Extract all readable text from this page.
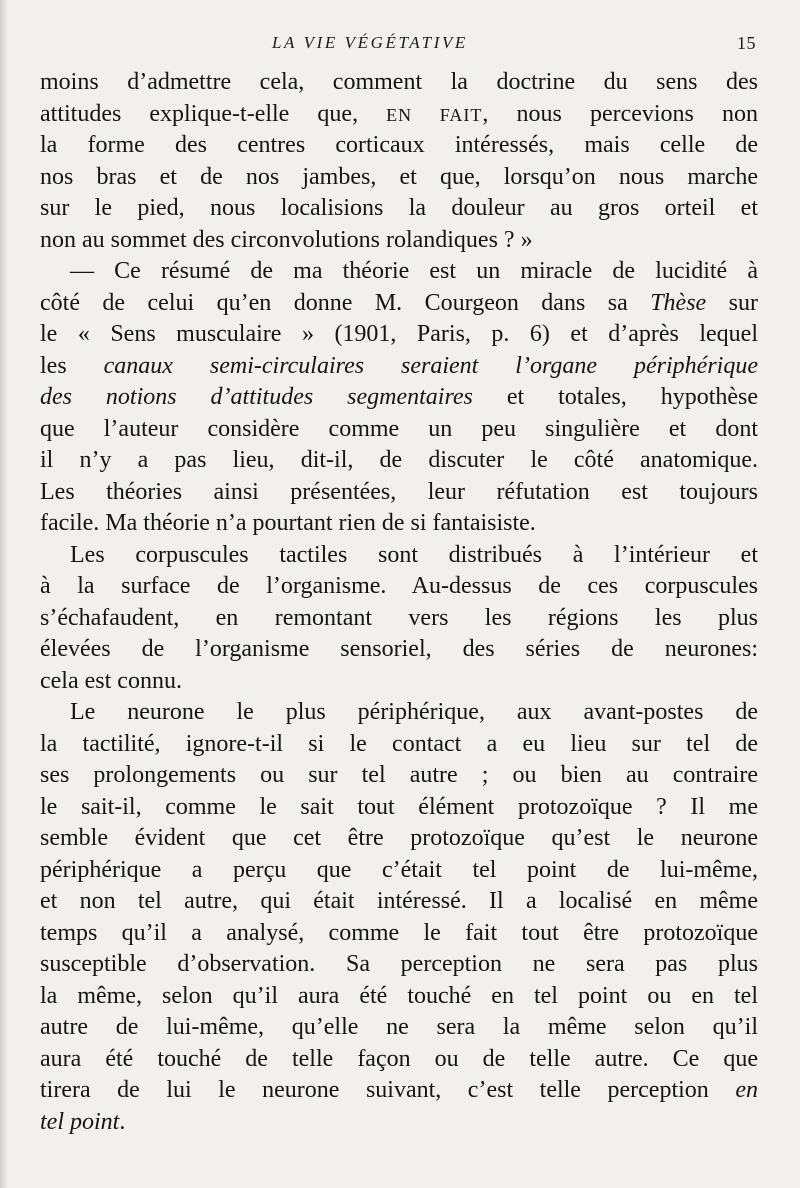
LA VIE VÉGÉTATIVE	15
moins d’admettre cela, comment la doctrine du sens des
attitudes explique-t-elle que, EN FAIT, nous percevions non
la forme des centres corticaux intéressés, mais celle de
nos bras et de nos jambes, et que, lorsqu’on nous marche
sur le pied, nous localisions la douleur au gros orteil et
non au sommet des circonvolutions rolandiques ? »
— Ce résumé de ma théorie est un miracle de lucidité à
côté de celui qu’en donne M. Courgeon dans sa Thèse sur
le « Sens musculaire » (1901, Paris, p. 6) et d’après lequel
les canaux semi-circulaires seraient l’organe périphérique
des notions d’attitudes segmentaires et totales, hypothèse
que l’auteur considère comme un peu singulière et dont
il n’y a pas lieu, dit-il, de discuter le côté anatomique.
Les théories ainsi présentées, leur réfutation est toujours
facile. Ma théorie n’a pourtant rien de si fantaisiste.
Les corpuscules tactiles sont distribués à l’intérieur et
à la surface de l’organisme. Au-dessus de ces corpuscules
s’échafaudent, en remontant vers les régions les plus
élevées de l’organisme sensoriel, des séries de neurones:
cela est connu.
Le neurone le plus périphérique, aux avant-postes de
la tactilité, ignore-t-il si le contact a eu lieu sur tel de
ses prolongements ou sur tel autre ; ou bien au contraire
le sait-il, comme le sait tout élément protozoïque ? Il me
semble évident que cet être protozoïque qu’est le neurone
périphérique a perçu que c’était tel point de lui-même,
et non tel autre, qui était intéressé. Il a localisé en même
temps qu’il a analysé, comme le fait tout être protozoïque
susceptible d’observation. Sa perception ne sera pas plus
la même, selon qu’il aura été touché en tel point ou en tel
autre de lui-même, qu’elle ne sera la même selon qu’il
aura été touché de telle façon ou de telle autre. Ce que
tirera de lui le neurone suivant, c’est telle perception en
tel point.
